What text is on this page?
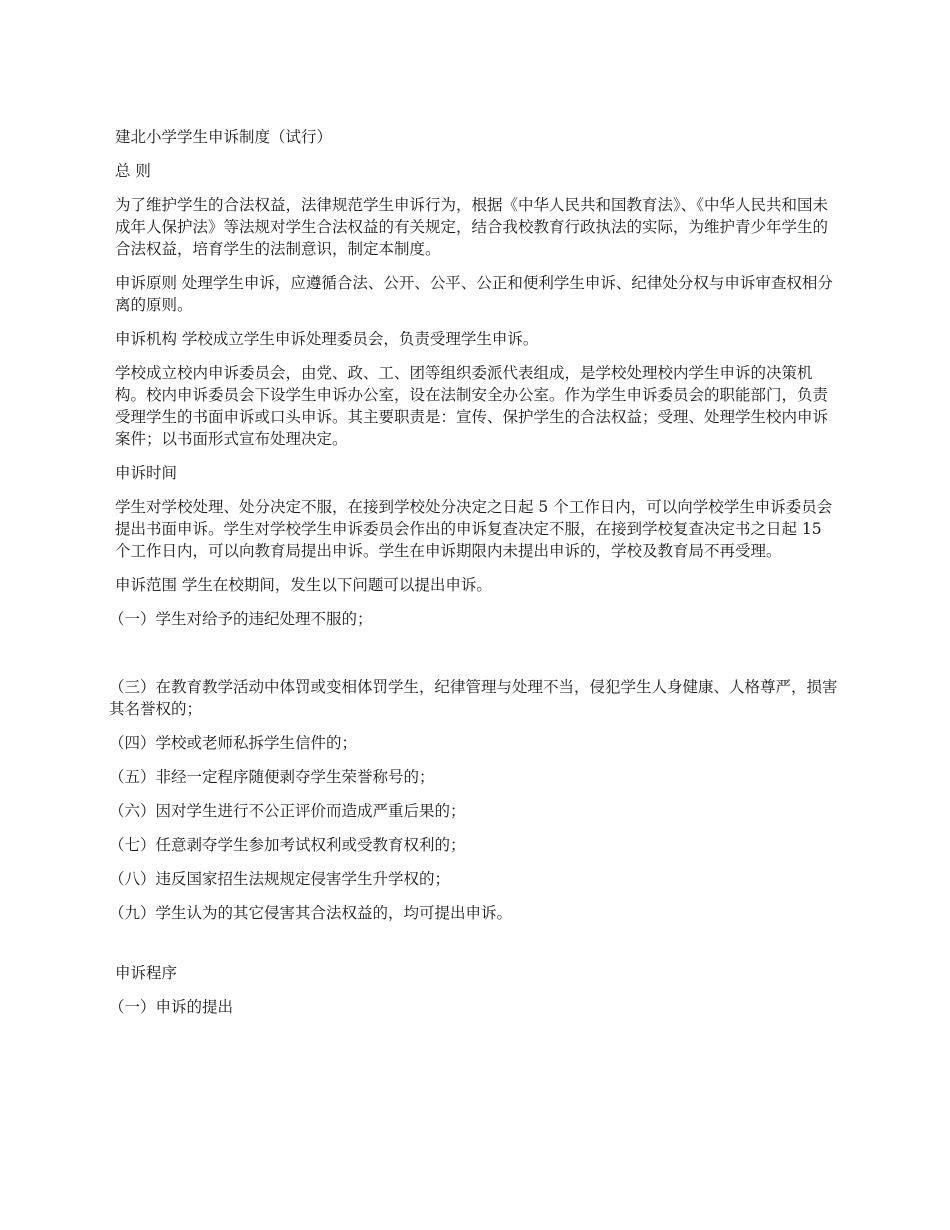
建北小学学生申诉制度（试行）

总 则

为了维护学生的合法权益，法律规范学生申诉行为，根据《中华人民共和国教育法》、《中华人民共和国未成年人保护法》等法规对学生合法权益的有关规定，结合我校教育行政执法的实际，为维护青少年学生的合法权益，培育学生的法制意识，制定本制度。

申诉原则 处理学生申诉，应遵循合法、公开、公平、公正和便利学生申诉、纪律处分权与申诉审查权相分离的原则。

申诉机构 学校成立学生申诉处理委员会，负责受理学生申诉。

学校成立校内申诉委员会，由党、政、工、团等组织委派代表组成，是学校处理校内学生申诉的决策机构。校内申诉委员会下设学生申诉办公室，设在法制安全办公室。作为学生申诉委员会的职能部门，负责受理学生的书面申诉或口头申诉。其主要职责是：宣传、保护学生的合法权益；受理、处理学生校内申诉案件；以书面形式宣布处理决定。

申诉时间

学生对学校处理、处分决定不服，在接到学校处分决定之日起 5 个工作日内，可以向学校学生申诉委员会提出书面申诉。学生对学校学生申诉委员会作出的申诉复查决定不服，在接到学校复查决定书之日起 15 个工作日内，可以向教育局提出申诉。学生在申诉期限内未提出申诉的，学校及教育局不再受理。

申诉范围 学生在校期间，发生以下问题可以提出申诉。

（一）学生对给予的违纪处理不服的；

（三）在教育教学活动中体罚或变相体罚学生，纪律管理与处理不当，侵犯学生人身健康、人格尊严，损害其名誉权的；

（四）学校或老师私拆学生信件的；

（五）非经一定程序随便剥夺学生荣誉称号的；

（六）因对学生进行不公正评价而造成严重后果的；

（七）任意剥夺学生参加考试权利或受教育权利的；

（八）违反国家招生法规规定侵害学生升学权的；

（九）学生认为的其它侵害其合法权益的，均可提出申诉。

申诉程序

（一）申诉的提出
